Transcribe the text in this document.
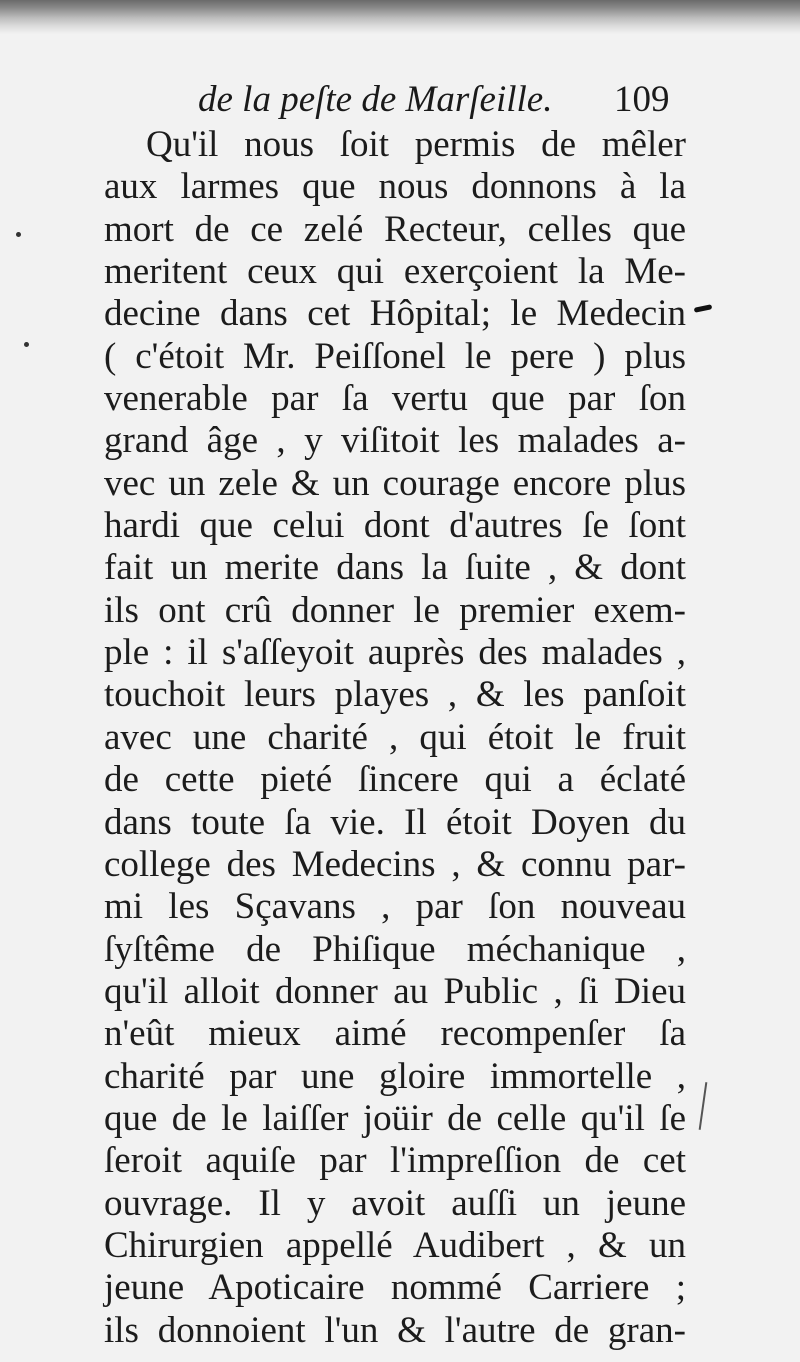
de la peſte de Marſeille. 109
Qu'il nous ſoit permis de mêler
aux larmes que nous donnons à la
mort de ce zelé Recteur, celles que
meritent ceux qui exerçoient la Me-
decine dans cet Hôpital; le Medecin
( c'étoit Mr. Peiſſonel le pere ) plus
venerable par ſa vertu que par ſon
grand âge , y viſitoit les malades a-
vec un zele & un courage encore plus
hardi que celui dont d'autres ſe ſont
fait un merite dans la ſuite , & dont
ils ont crû donner le premier exem-
ple : il s'aſſeyoit auprès des malades ,
touchoit leurs playes , & les panſoit
avec une charité , qui étoit le fruit
de cette pieté ſincere qui a éclaté
dans toute ſa vie. Il étoit Doyen du
college des Medecins , & connu par-
mi les Sçavans , par ſon nouveau
ſyſtême de Phiſique méchanique ,
qu'il alloit donner au Public , ſi Dieu
n'eût mieux aimé recompenſer ſa
charité par une gloire immortelle ,
que de le laiſſer joüir de celle qu'il ſe
ſeroit aquiſe par l'impreſſion de cet
ouvrage. Il y avoit auſſi un jeune
Chirurgien appellé Audibert , & un
jeune Apoticaire nommé Carriere ;
ils donnoient l'un & l'autre de gran-
